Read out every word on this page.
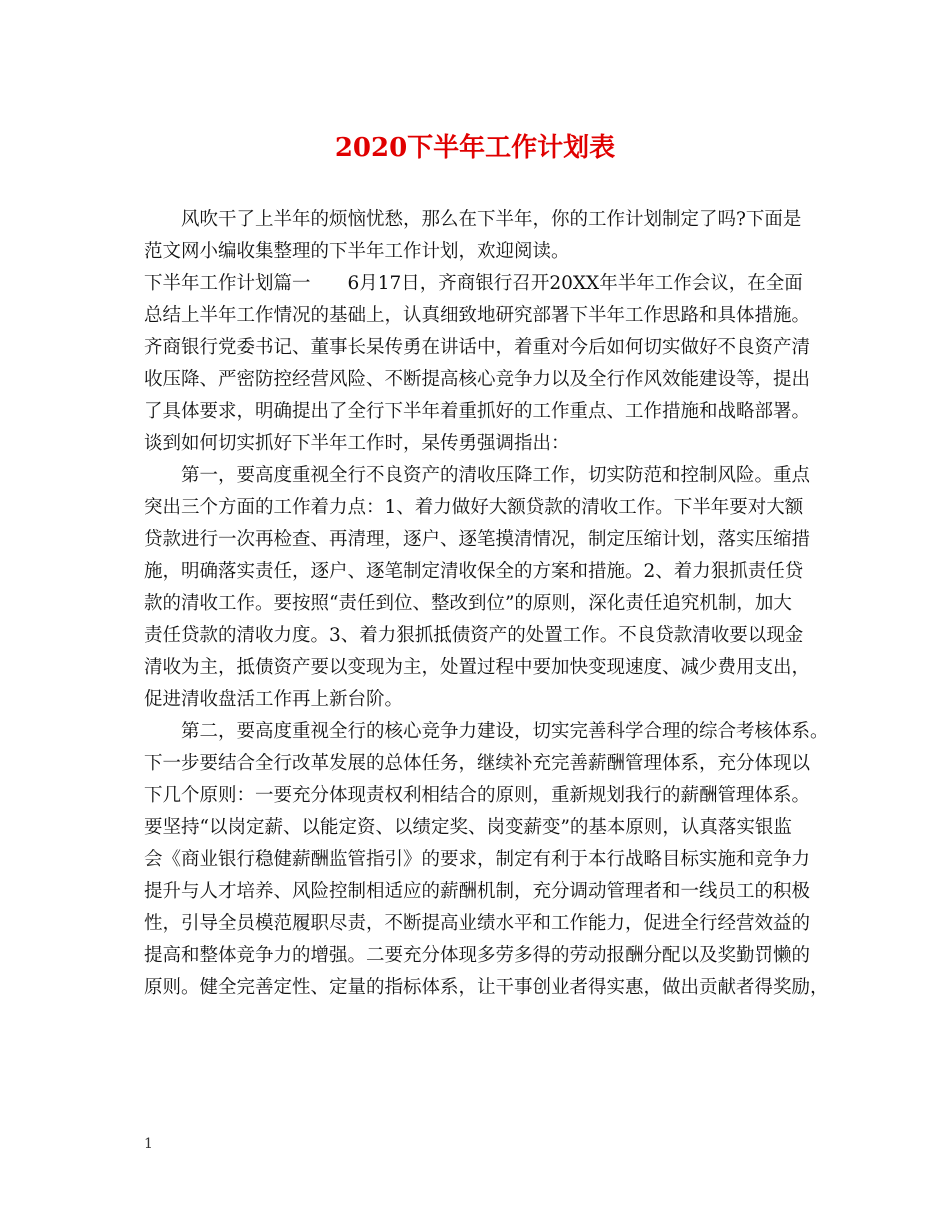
2020下半年工作计划表
风吹干了上半年的烦恼忧愁，那么在下半年，你的工作计划制定了吗?下面是
范文网小编收集整理的下半年工作计划，欢迎阅读。
下半年工作计划篇一　　6月17日，齐商银行召开20XX年半年工作会议，在全面
总结上半年工作情况的基础上，认真细致地研究部署下半年工作思路和具体措施。
齐商银行党委书记、董事长杲传勇在讲话中，着重对今后如何切实做好不良资产清
收压降、严密防控经营风险、不断提高核心竞争力以及全行作风效能建设等，提出
了具体要求，明确提出了全行下半年着重抓好的工作重点、工作措施和战略部署。
谈到如何切实抓好下半年工作时，杲传勇强调指出：
第一，要高度重视全行不良资产的清收压降工作，切实防范和控制风险。重点
突出三个方面的工作着力点：1、着力做好大额贷款的清收工作。下半年要对大额
贷款进行一次再检查、再清理，逐户、逐笔摸清情况，制定压缩计划，落实压缩措
施，明确落实责任，逐户、逐笔制定清收保全的方案和措施。2、着力狠抓责任贷
款的清收工作。要按照“责任到位、整改到位”的原则，深化责任追究机制，加大
责任贷款的清收力度。3、着力狠抓抵债资产的处置工作。不良贷款清收要以现金
清收为主，抵债资产要以变现为主，处置过程中要加快变现速度、减少费用支出，
促进清收盘活工作再上新台阶。
第二，要高度重视全行的核心竞争力建设，切实完善科学合理的综合考核体系。
下一步要结合全行改革发展的总体任务，继续补充完善薪酬管理体系，充分体现以
下几个原则：一要充分体现责权利相结合的原则，重新规划我行的薪酬管理体系。
要坚持“以岗定薪、以能定资、以绩定奖、岗变薪变”的基本原则，认真落实银监
会《商业银行稳健薪酬监管指引》的要求，制定有利于本行战略目标实施和竞争力
提升与人才培养、风险控制相适应的薪酬机制，充分调动管理者和一线员工的积极
性，引导全员模范履职尽责，不断提高业绩水平和工作能力，促进全行经营效益的
提高和整体竞争力的增强。二要充分体现多劳多得的劳动报酬分配以及奖勤罚懒的
原则。健全完善定性、定量的指标体系，让干事创业者得实惠，做出贡献者得奖励，
1
